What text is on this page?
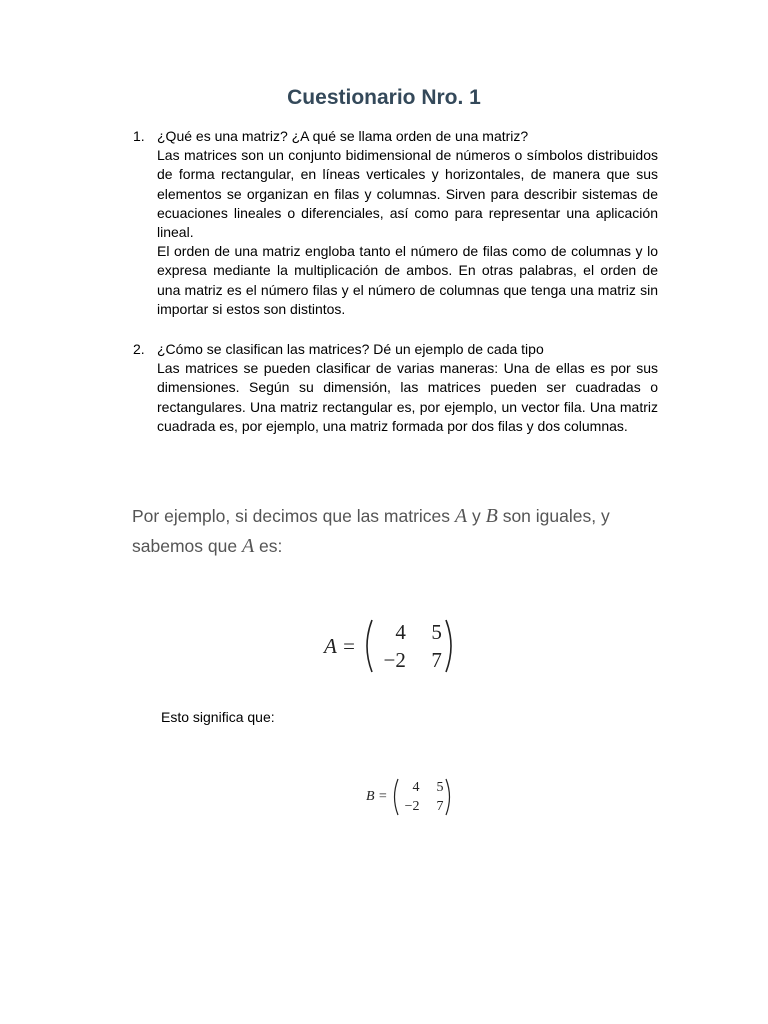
Cuestionario Nro. 1
1. ¿Qué es una matriz? ¿A qué se llama orden de una matriz?

Las matrices son un conjunto bidimensional de números o símbolos distribuidos de forma rectangular, en líneas verticales y horizontales, de manera que sus elementos se organizan en filas y columnas. Sirven para describir sistemas de ecuaciones lineales o diferenciales, así como para representar una aplicación lineal.

El orden de una matriz engloba tanto el número de filas como de columnas y lo expresa mediante la multiplicación de ambos. En otras palabras, el orden de una matriz es el número filas y el número de columnas que tenga una matriz sin importar si estos son distintos.

2. ¿Cómo se clasifican las matrices? Dé un ejemplo de cada tipo

Las matrices se pueden clasificar de varias maneras: Una de ellas es por sus dimensiones. Según su dimensión, las matrices pueden ser cuadradas o rectangulares. Una matriz rectangular es, por ejemplo, un vector fila. Una matriz cuadrada es, por ejemplo, una matriz formada por dos filas y dos columnas.

Por ejemplo, si decimos que las matrices A y B son iguales, y
sabemos que A es:
A =
4	5
−2	7
Esto significa que:
B =
4	5
−2	7
